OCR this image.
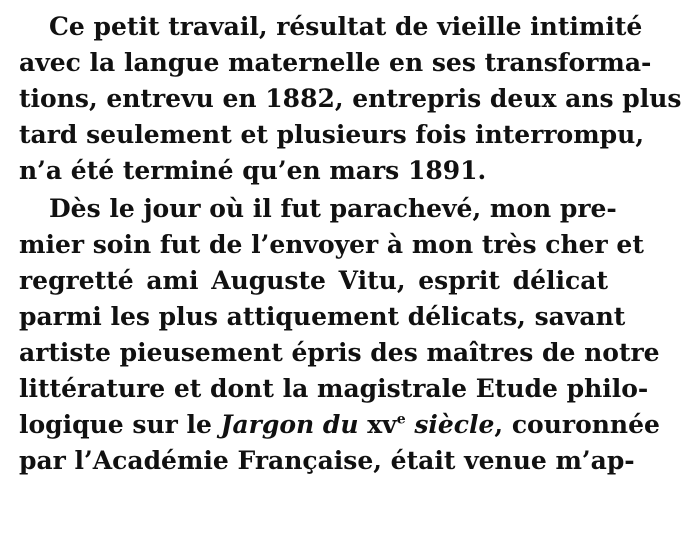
Ce petit travail, résultat de vieille intimité
avec la langue maternelle en ses transforma-
tions, entrevu en 1882, entrepris deux ans plus
tard seulement et plusieurs fois interrompu,
n’a été terminé qu’en mars 1891.
Dès le jour où il fut parachevé, mon pre-
mier soin fut de l’envoyer à mon très cher et
regretté ami Auguste Vitu, esprit délicat
parmi les plus attiquement délicats, savant
artiste pieusement épris des maîtres de notre
littérature et dont la magistrale Etude philo-
logique sur le Jargon du $xv^e$ siècle, couronnée
par l’Académie Française, était venue m’ap-
